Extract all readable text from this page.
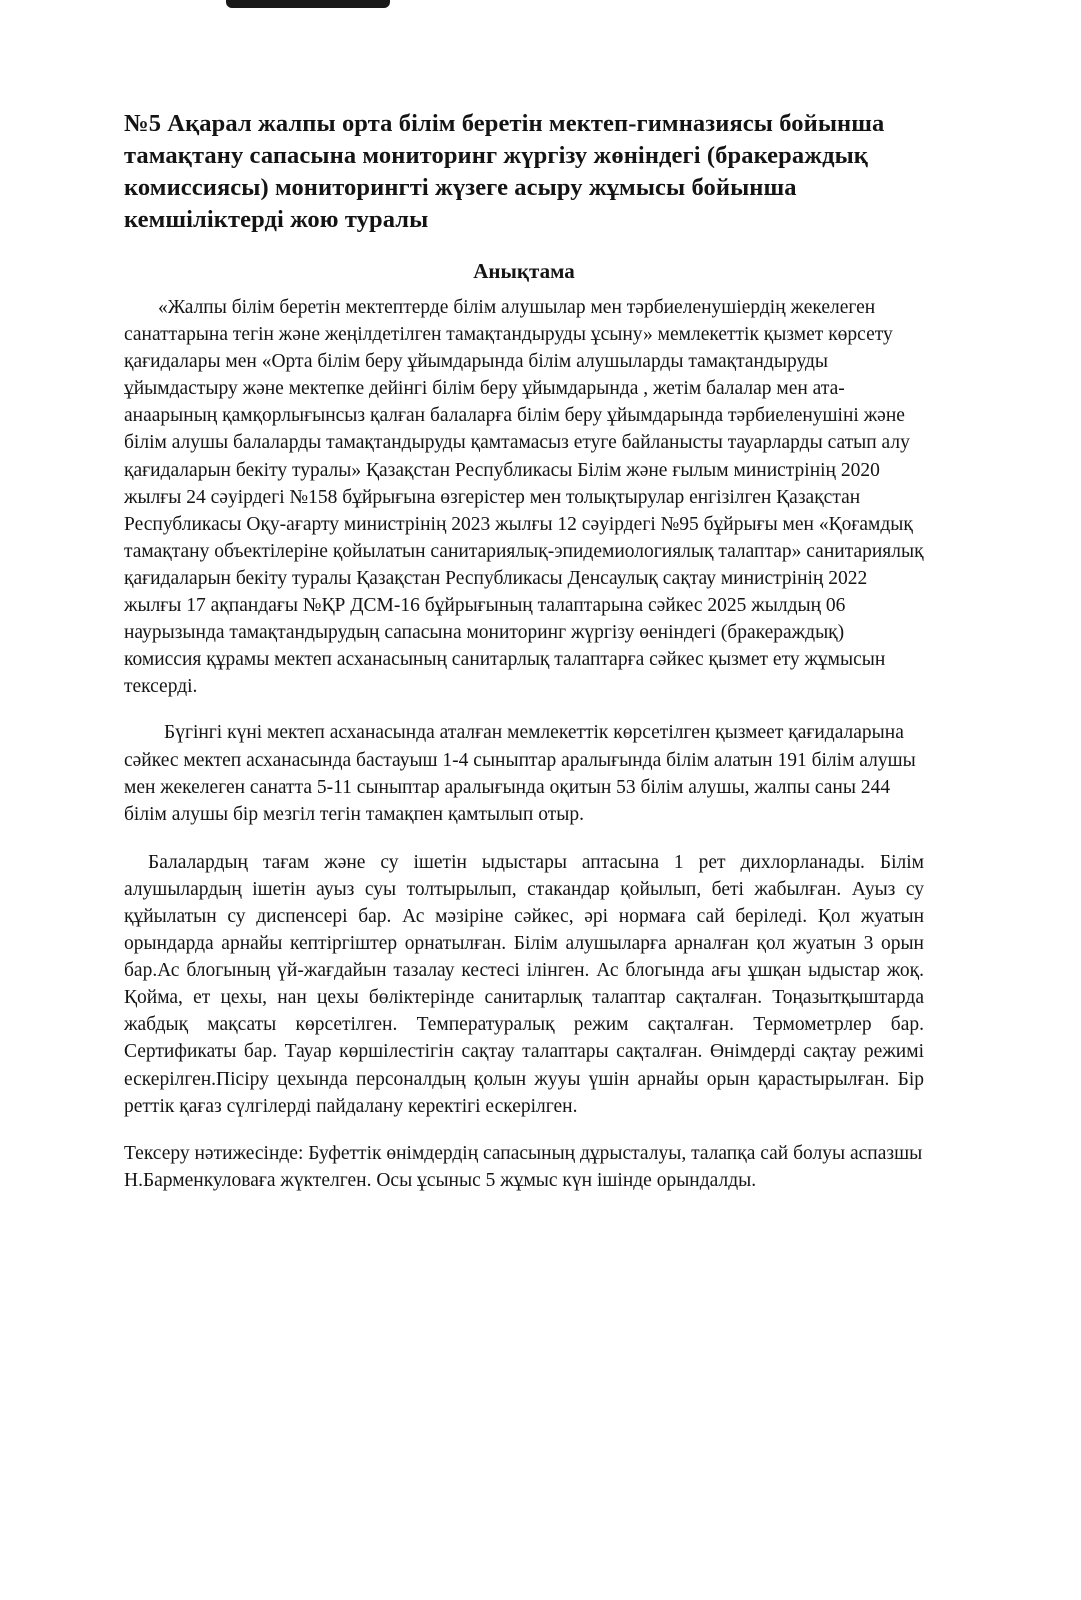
№5 Ақарал жалпы орта білім беретін мектеп-гимназиясы бойынша тамақтану сапасына мониторинг жүргізу жөніндегі (бракераждық комиссиясы) мониторингті жүзеге асыру жұмысы бойынша кемшіліктерді жою туралы
Анықтама

«Жалпы білім беретін мектептерде білім алушылар мен тәрбиеленушіердің жекелеген санаттарына тегін және жеңілдетілген тамақтандыруды ұсыну» мемлекеттік қызмет көрсету қағидалары мен «Орта білім беру ұйымдарында білім алушыларды тамақтандыруды ұйымдастыру және мектепке дейінгі білім беру ұйымдарында , жетім балалар мен ата-анаарының қамқорлығынсыз қалған балаларға білім беру ұйымдарында тәрбиеленушіні және білім алушы балаларды тамақтандыруды қамтамасыз етуге байланысты тауарларды сатып алу қағидаларын бекіту туралы» Қазақстан Республикасы Білім және ғылым министрінің 2020 жылғы 24 сәуірдегі №158 бұйрығына өзгерістер мен толықтырулар енгізілген Қазақстан Республикасы Оқу-ағарту министрінің 2023 жылғы 12 сәуірдегі №95 бұйрығы мен «Қоғамдық тамақтану объектілеріне қойылатын санитариялық-эпидемиологиялық талаптар» санитариялық қағидаларын бекіту туралы Қазақстан Республикасы Денсаулық сақтау министрінің 2022 жылғы 17 ақпандағы №ҚР ДСМ-16 бұйрығының талаптарына сәйкес 2025 жылдың 06 наурызында тамақтандырудың сапасына мониторинг жүргізу өеніндегі (бракераждық) комиссия құрамы мектеп асханасының санитарлық талаптарға сәйкес қызмет ету жұмысын тексерді.

Бүгінгі күні мектеп асханасында аталған мемлекеттік көрсетілген қызмеет қағидаларына сәйкес мектеп асханасында бастауыш 1-4 сыныптар аралығында білім алатын 191 білім алушы мен жекелеген санатта 5-11 сыныптар аралығында оқитын 53 білім алушы, жалпы саны 244 білім алушы бір мезгіл тегін тамақпен қамтылып отыр.

Балалардың тағам және су ішетін ыдыстары аптасына 1 рет дихлорланады. Білім алушылардың ішетін ауыз суы толтырылып, стакандар қойылып, беті жабылған. Ауыз су құйылатын су диспенсері бар. Ас мәзіріне сәйкес, әрі нормаға сай беріледі. Қол жуатын орындарда арнайы кептіргіштер орнатылған. Білім алушыларға арналған қол жуатын 3 орын бар.Ас блогының үй-жағдайын тазалау кестесі ілінген. Ас блогында ағы ұшқан ыдыстар жоқ. Қойма, ет цехы, нан цехы бөліктерінде санитарлық талаптар сақталған. Тоңазытқыштарда жабдық мақсаты көрсетілген. Температуралық режим сақталған. Термометрлер бар. Сертификаты бар. Тауар көршілестігін сақтау талаптары сақталған. Өнімдерді сақтау режимі ескерілген.Пісіру цехында персоналдың қолын жууы үшін арнайы орын қарастырылған. Бір реттік қағаз сүлгілерді пайдалану керектігі ескерілген.

Тексеру нәтижесінде: Буфеттік өнімдердің сапасының дұрысталуы, талапқа сай болуы аспазшы Н.Барменкуловаға жүктелген. Осы ұсыныс 5 жұмыс күн ішінде орындалды.
